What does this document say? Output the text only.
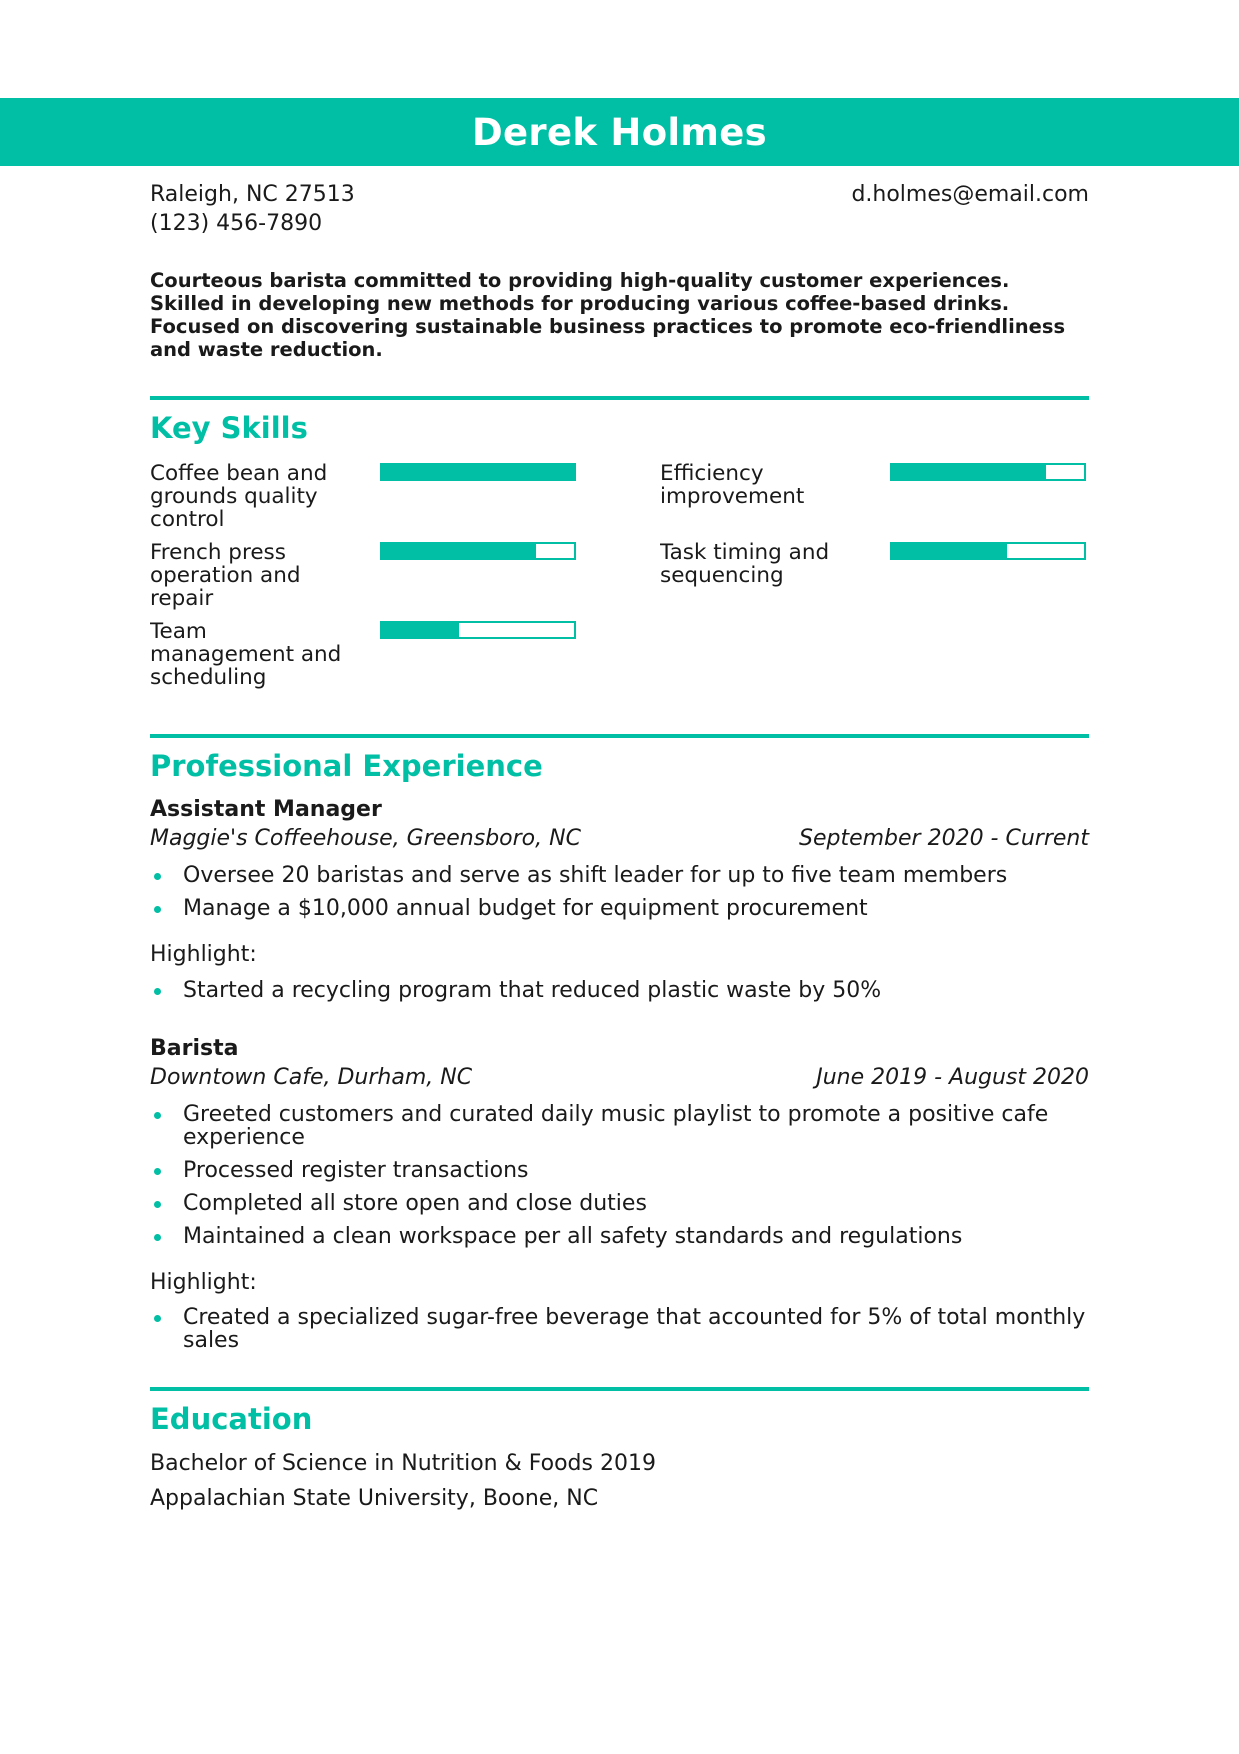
Derek Holmes
Raleigh, NC 27513
(123) 456-7890
d.holmes@email.com
Courteous barista committed to providing high-quality customer experiences. Skilled in developing new methods for producing various coffee-based drinks. Focused on discovering sustainable business practices to promote eco-friendliness and waste reduction.
Key Skills
Coffee bean and grounds quality control
Efficiency improvement
French press operation and repair
Task timing and sequencing
Team management and scheduling
Professional Experience
Assistant Manager
Maggie's Coffeehouse, Greensboro, NC	September 2020 - Current
Oversee 20 baristas and serve as shift leader for up to five team members
Manage a $10,000 annual budget for equipment procurement
Highlight:
Started a recycling program that reduced plastic waste by 50%
Barista
Downtown Cafe, Durham, NC	June 2019 - August 2020
Greeted customers and curated daily music playlist to promote a positive cafe experience
Processed register transactions
Completed all store open and close duties
Maintained a clean workspace per all safety standards and regulations
Highlight:
Created a specialized sugar-free beverage that accounted for 5% of total monthly sales
Education
Bachelor of Science in Nutrition & Foods 2019
Appalachian State University, Boone, NC
